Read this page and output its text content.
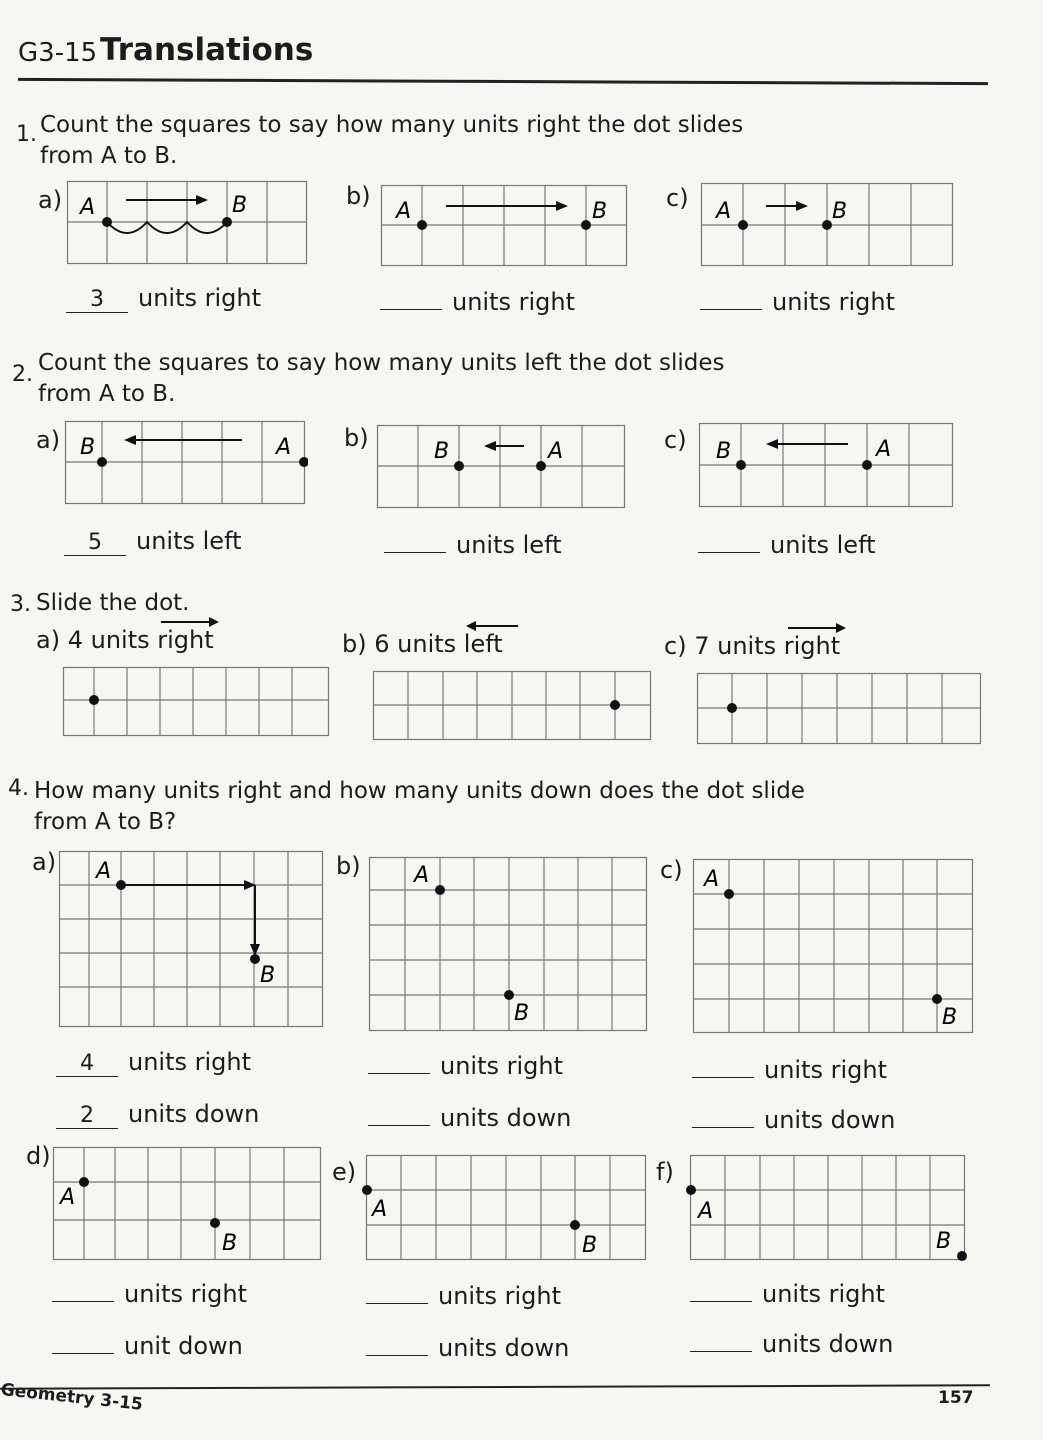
G3-15 Translations
1. Count the squares to say how many units right the dot slides
from A to B.
a)	b)	c)
A	B	A	B	A	B
3 units right	units right	units right
2. Count the squares to say how many units left the dot slides
from A to B.
a)	b)	c)
B	A	B	A	B	A
5 units left	units left	units left
3. Slide the dot.
a) 4 units right	b) 6 units left	c) 7 units right
4. How many units right and how many units down does the dot slide
from A to B?
a)	b)	c)
A
B
A
B
A
B
4 units right
2 units down
units right
units down
units right
units down
d)
e)	f)
A
B
A
B
A
B
units right
unit down
units right
units down
units right
units down
Geometry 3-15	157
